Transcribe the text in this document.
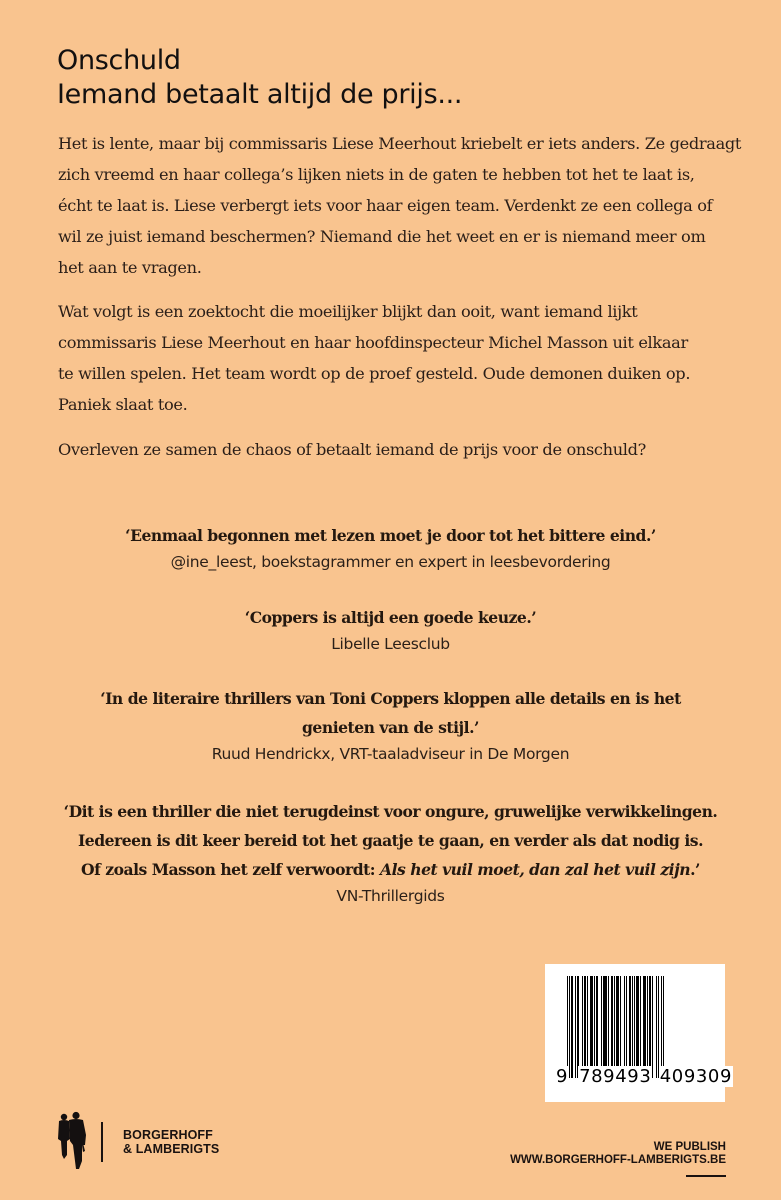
Onschuld
Iemand betaalt altijd de prijs...
Het is lente, maar bij commissaris Liese Meerhout kriebelt er iets anders. Ze gedraagt
zich vreemd en haar collega’s lijken niets in de gaten te hebben tot het te laat is,
écht te laat is. Liese verbergt iets voor haar eigen team. Verdenkt ze een collega of
wil ze juist iemand beschermen? Niemand die het weet en er is niemand meer om
het aan te vragen.
Wat volgt is een zoektocht die moeilijker blijkt dan ooit, want iemand lijkt
commissaris Liese Meerhout en haar hoofdinspecteur Michel Masson uit elkaar
te willen spelen. Het team wordt op de proef gesteld. Oude demonen duiken op.
Paniek slaat toe.
Overleven ze samen de chaos of betaalt iemand de prijs voor de onschuld?
‘Eenmaal begonnen met lezen moet je door tot het bittere eind.’
@ine_leest, boekstagrammer en expert in leesbevordering
‘Coppers is altijd een goede keuze.’
Libelle Leesclub
‘In de literaire thrillers van Toni Coppers kloppen alle details en is het
genieten van de stijl.’
Ruud Hendrickx, VRT-taaladviseur in De Morgen
‘Dit is een thriller die niet terugdeinst voor ongure, gruwelijke verwikkelingen.
Iedereen is dit keer bereid tot het gaatje te gaan, en verder als dat nodig is.
Of zoals Masson het zelf verwoordt: Als het vuil moet, dan zal het vuil zijn.’
VN-Thrillergids
9 789493 409309
BORGERHOFF
& LAMBERIGTS	WE PUBLISH
WWW.BORGERHOFF-LAMBERIGTS.BE
